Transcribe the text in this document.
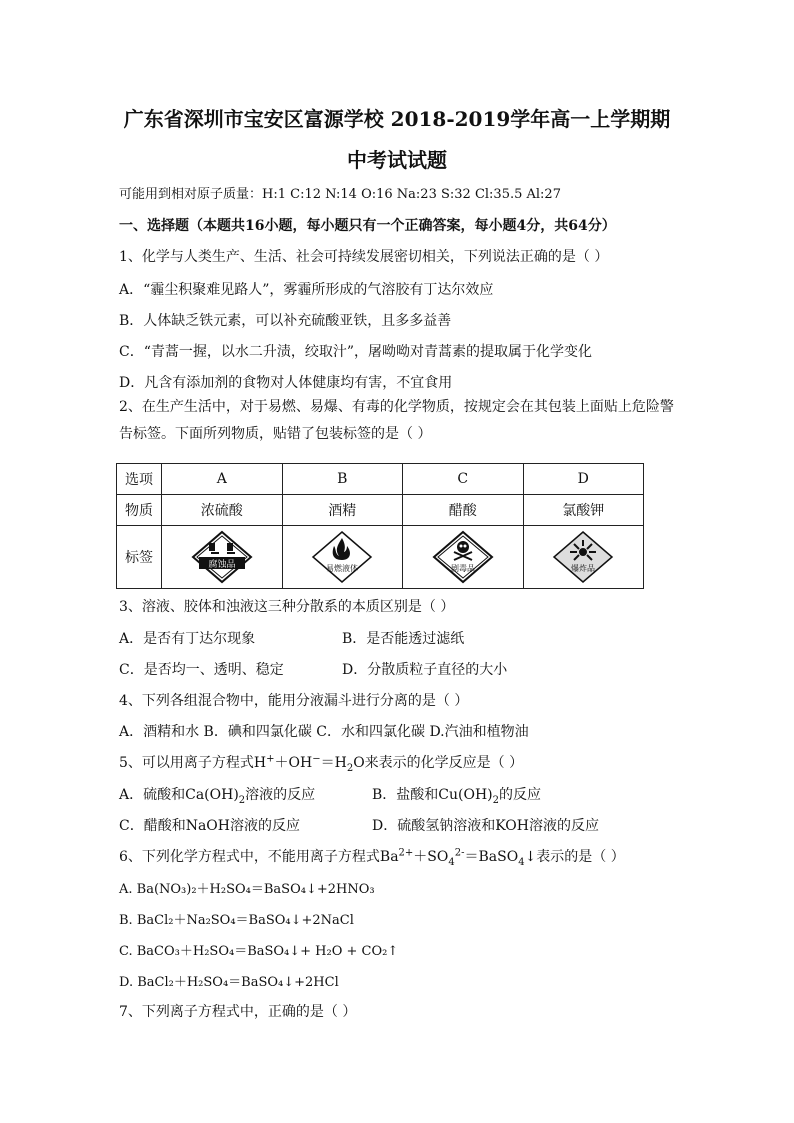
广东省深圳市宝安区富源学校 2018-2019学年高一上学期期
中考试试题
可能用到相对原子质量：H:1 C:12 N:14 O:16 Na:23 S:32 Cl:35.5 Al:27
一、选择题（本题共16小题，每小题只有一个正确答案，每小题4分，共64分）
1、化学与人类生产、生活、社会可持续发展密切相关，下列说法正确的是（ ）
A．“霾尘积聚难见路人”，雾霾所形成的气溶胶有丁达尔效应
B．人体缺乏铁元素，可以补充硫酸亚铁，且多多益善
C．“青蒿一握，以水二升渍，绞取汁”，屠呦呦对青蒿素的提取属于化学变化
D．凡含有添加剂的食物对人体健康均有害，不宜食用
2、在生产生活中，对于易燃、易爆、有毒的化学物质，按规定会在其包装上面贴上危险警
告标签。下面所列物质，贴错了包装标签的是（ ）
选项	A	B	C	D
物质	浓硫酸	酒精	醋酸	氯酸钾
标签	腐蚀品	易燃液体	剧毒品	爆炸品
3、溶液、胶体和浊液这三种分散系的本质区别是（ ）
A．是否有丁达尔现象	B．是否能透过滤纸
C．是否均一、透明、稳定	D．分散质粒子直径的大小
4、下列各组混合物中，能用分液漏斗进行分离的是（ ）
A．酒精和水 B．碘和四氯化碳 C．水和四氯化碳 D.汽油和植物油
5、可以用离子方程式$H^++OH^-=H_2O$来表示的化学反应是（ ）
A．硫酸和$Ca(OH)_2$溶液的反应	B．盐酸和$Cu(OH)_2$的反应
C．醋酸和NaOH溶液的反应	D．硫酸氢钠溶液和KOH溶液的反应
6、下列化学方程式中，不能用离子方程式$Ba^{2+}+SO_4^{2-}=BaSO_4↓$表示的是（ ）
A. Ba(NO₃)₂＋H₂SO₄＝BaSO₄↓+2HNO₃
B. BaCl₂＋Na₂SO₄＝BaSO₄↓+2NaCl
C. BaCO₃＋H₂SO₄＝BaSO₄↓+ H₂O + CO₂↑
D. BaCl₂＋H₂SO₄＝BaSO₄↓+2HCl
7、下列离子方程式中，正确的是（ ）
